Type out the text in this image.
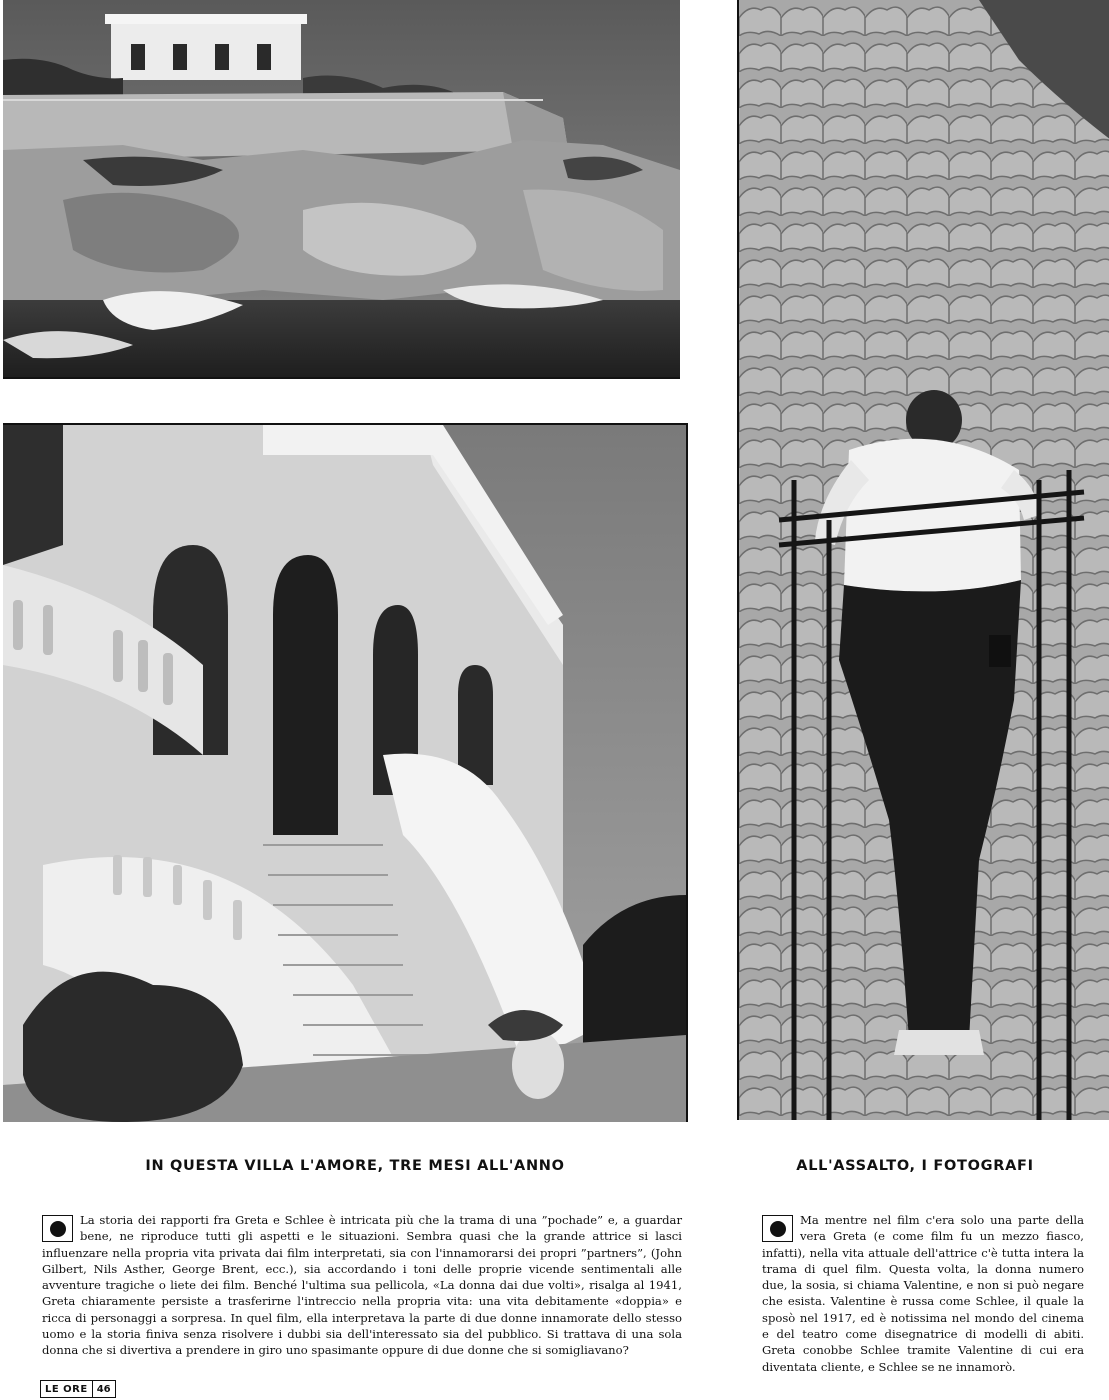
IN QUESTA VILLA L'AMORE, TRE MESI ALL'ANNO	ALL'ASSALTO, I FOTOGRAFI
La storia dei rapporti fra Greta e Schlee è intricata più che la trama di una ”pochade” e, a guardar bene, ne riproduce tutti gli aspetti e le situazioni. Sembra quasi che la grande attrice si lasci influenzare nella propria vita privata dai film interpretati, sia con l'innamorarsi dei propri ”partners”, (John Gilbert, Nils Asther, George Brent, ecc.), sia accordando i toni delle proprie vicende sentimentali alle avventure tragiche o liete dei film. Benché l'ultima sua pellicola, «La donna dai due volti», risalga al 1941, Greta chiaramente persiste a trasferirne l'intreccio nella propria vita: una vita debitamente «doppia» e ricca di personaggi a sorpresa. In quel film, ella interpretava la parte di due donne innamorate dello stesso uomo e la storia finiva senza risolvere i dubbi sia dell'interessato sia del pubblico. Si trattava di una sola donna che si divertiva a prendere in giro uno spasimante oppure di due donne che si somigliavano?
Ma mentre nel film c'era solo una parte della vera Greta (e come film fu un mezzo fiasco, infatti), nella vita attuale dell'attrice c'è tutta intera la trama di quel film. Questa volta, la donna numero due, la sosia, si chiama Valentine, e non si può negare che esista. Valentine è russa come Schlee, il quale la sposò nel 1917, ed è notissima nel mondo del cinema e del teatro come disegnatrice di modelli di abiti. Greta conobbe Schlee tramite Valentine di cui era diventata cliente, e Schlee se ne innamorò.
LE ORE 46
